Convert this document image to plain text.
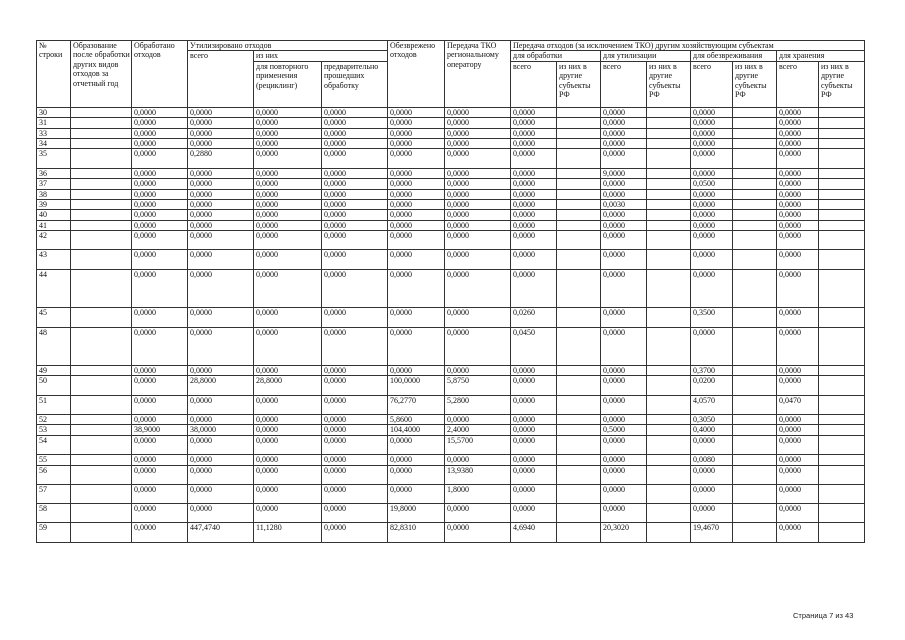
№ строки	Образование после обработки других видов отходов за отчетный год	Обработано отходов	Утилизировано отходов			Обезврежено отходов	Передача ТКО региональному оператору	Передача отходов (за исключением ТКО) другим хозяйствующим субъектам							
			всего	из них				для обработки		для утилизации		для обезвреживания		для хранения	
				для повторного применения (рециклинг)	предварительно прошедших обработку			всего	из них в другие субъекты РФ	всего	из них в другие субъекты РФ	всего	из них в другие субъекты РФ	всего	из них в другие субъекты РФ
30		0,0000	0,0000	0,0000	0,0000	0,0000	0,0000	0,0000		0,0000		0,0000		0,0000	
31		0,0000	0,0000	0,0000	0,0000	0,0000	0,0000	0,0000		0,0000		0,0000		0,0000	
33		0,0000	0,0000	0,0000	0,0000	0,0000	0,0000	0,0000		0,0000		0,0000		0,0000	
34		0,0000	0,0000	0,0000	0,0000	0,0000	0,0000	0,0000		0,0000		0,0000		0,0000	
35		0,0000	0,2880	0,0000	0,0000	0,0000	0,0000	0,0000		0,0000		0,0000		0,0000	
36		0,0000	0,0000	0,0000	0,0000	0,0000	0,0000	0,0000		9,0000		0,0000		0,0000	
37		0,0000	0,0000	0,0000	0,0000	0,0000	0,0000	0,0000		0,0000		0,0500		0,0000	
38		0,0000	0,0000	0,0000	0,0000	0,0000	0,0000	0,0000		0,0000		0,0000		0,0000	
39		0,0000	0,0000	0,0000	0,0000	0,0000	0,0000	0,0000		0,0030		0,0000		0,0000	
40		0,0000	0,0000	0,0000	0,0000	0,0000	0,0000	0,0000		0,0000		0,0000		0,0000	
41		0,0000	0,0000	0,0000	0,0000	0,0000	0,0000	0,0000		0,0000		0,0000		0,0000	
42		0,0000	0,0000	0,0000	0,0000	0,0000	0,0000	0,0000		0,0000		0,0000		0,0000	
43		0,0000	0,0000	0,0000	0,0000	0,0000	0,0000	0,0000		0,0000		0,0000		0,0000	
44		0,0000	0,0000	0,0000	0,0000	0,0000	0,0000	0,0000		0,0000		0,0000		0,0000	
45		0,0000	0,0000	0,0000	0,0000	0,0000	0,0000	0,0260		0,0000		0,3500		0,0000	
48		0,0000	0,0000	0,0000	0,0000	0,0000	0,0000	0,0450		0,0000		0,0000		0,0000	
49		0,0000	0,0000	0,0000	0,0000	0,0000	0,0000	0,0000		0,0000		0,3700		0,0000	
50		0,0000	28,8000	28,8000	0,0000	100,0000	5,8750	0,0000		0,0000		0,0200		0,0000	
51		0,0000	0,0000	0,0000	0,0000	76,2770	5,2800	0,0000		0,0000		4,0570		0,0470	
52		0,0000	0,0000	0,0000	0,0000	5,8600	0,0000	0,0000		0,0000		0,3050		0,0000	
53		38,9000	38,0000	0,0000	0,0000	104,4000	2,4000	0,0000		0,5000		0,4000		0,0000	
54		0,0000	0,0000	0,0000	0,0000	0,0000	15,5700	0,0000		0,0000		0,0000		0,0000	
55		0,0000	0,0000	0,0000	0,0000	0,0000	0,0000	0,0000		0,0000		0,0080		0,0000	
56		0,0000	0,0000	0,0000	0,0000	0,0000	13,9380	0,0000		0,0000		0,0000		0,0000	
57		0,0000	0,0000	0,0000	0,0000	0,0000	1,8000	0,0000		0,0000		0,0000		0,0000	
58		0,0000	0,0000	0,0000	0,0000	19,8000	0,0000	0,0000		0,0000		0,0000		0,0000	
59		0,0000	447,4740	11,1280	0,0000	82,8310	0,0000	4,6940		20,3020		19,4670		0,0000	
Страница 7 из 43
